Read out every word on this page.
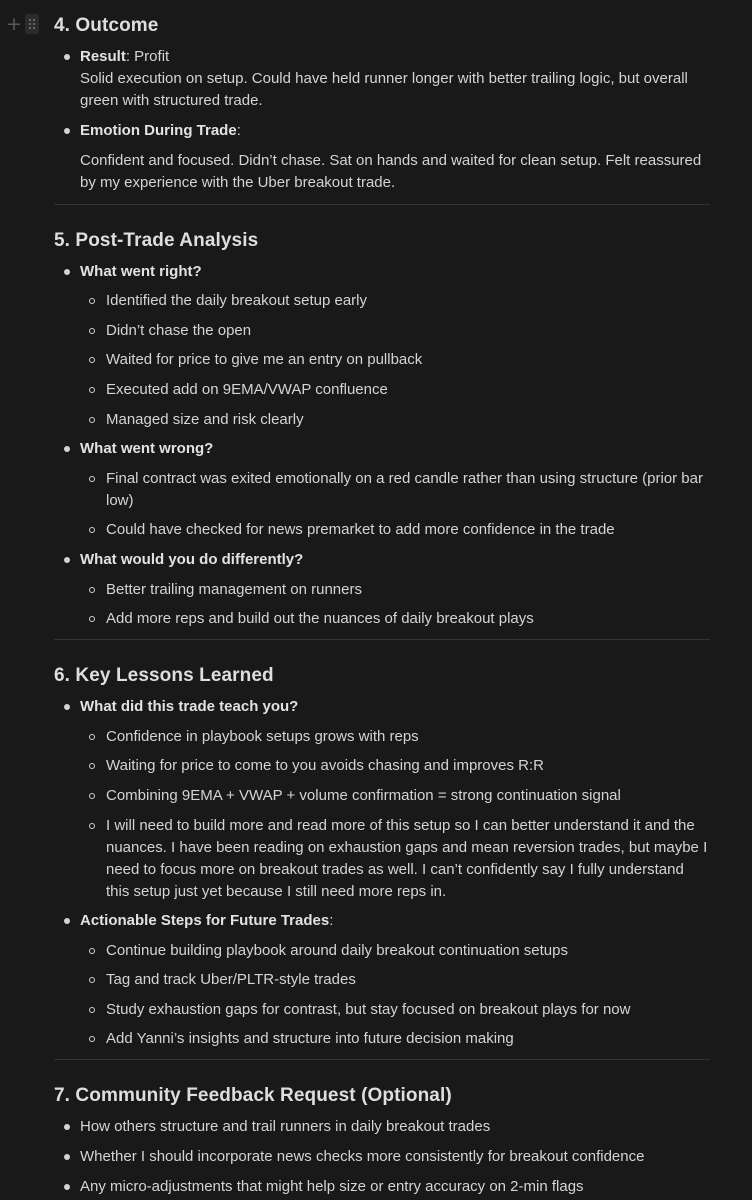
+ 4. Outcome
Result: Profit
Solid execution on setup. Could have held runner longer with better trailing logic, but overall green with structured trade.
Emotion During Trade:
Confident and focused. Didn’t chase. Sat on hands and waited for clean setup. Felt reassured by my experience with the Uber breakout trade.
5. Post-Trade Analysis
What went right?
Identified the daily breakout setup early
Didn’t chase the open
Waited for price to give me an entry on pullback
Executed add on 9EMA/VWAP confluence
Managed size and risk clearly
What went wrong?
Final contract was exited emotionally on a red candle rather than using structure (prior bar low)
Could have checked for news premarket to add more confidence in the trade
What would you do differently?
Better trailing management on runners
Add more reps and build out the nuances of daily breakout plays
6. Key Lessons Learned
What did this trade teach you?
Confidence in playbook setups grows with reps
Waiting for price to come to you avoids chasing and improves R:R
Combining 9EMA + VWAP + volume confirmation = strong continuation signal
I will need to build more and read more of this setup so I can better understand it and the nuances. I have been reading on exhaustion gaps and mean reversion trades, but maybe I need to focus more on breakout trades as well. I can’t confidently say I fully understand this setup just yet because I still need more reps in.
Actionable Steps for Future Trades:
Continue building playbook around daily breakout continuation setups
Tag and track Uber/PLTR-style trades
Study exhaustion gaps for contrast, but stay focused on breakout plays for now
Add Yanni’s insights and structure into future decision making
7. Community Feedback Request (Optional)
How others structure and trail runners in daily breakout trades
Whether I should incorporate news checks more consistently for breakout confidence
Any micro-adjustments that might help size or entry accuracy on 2-min flags
